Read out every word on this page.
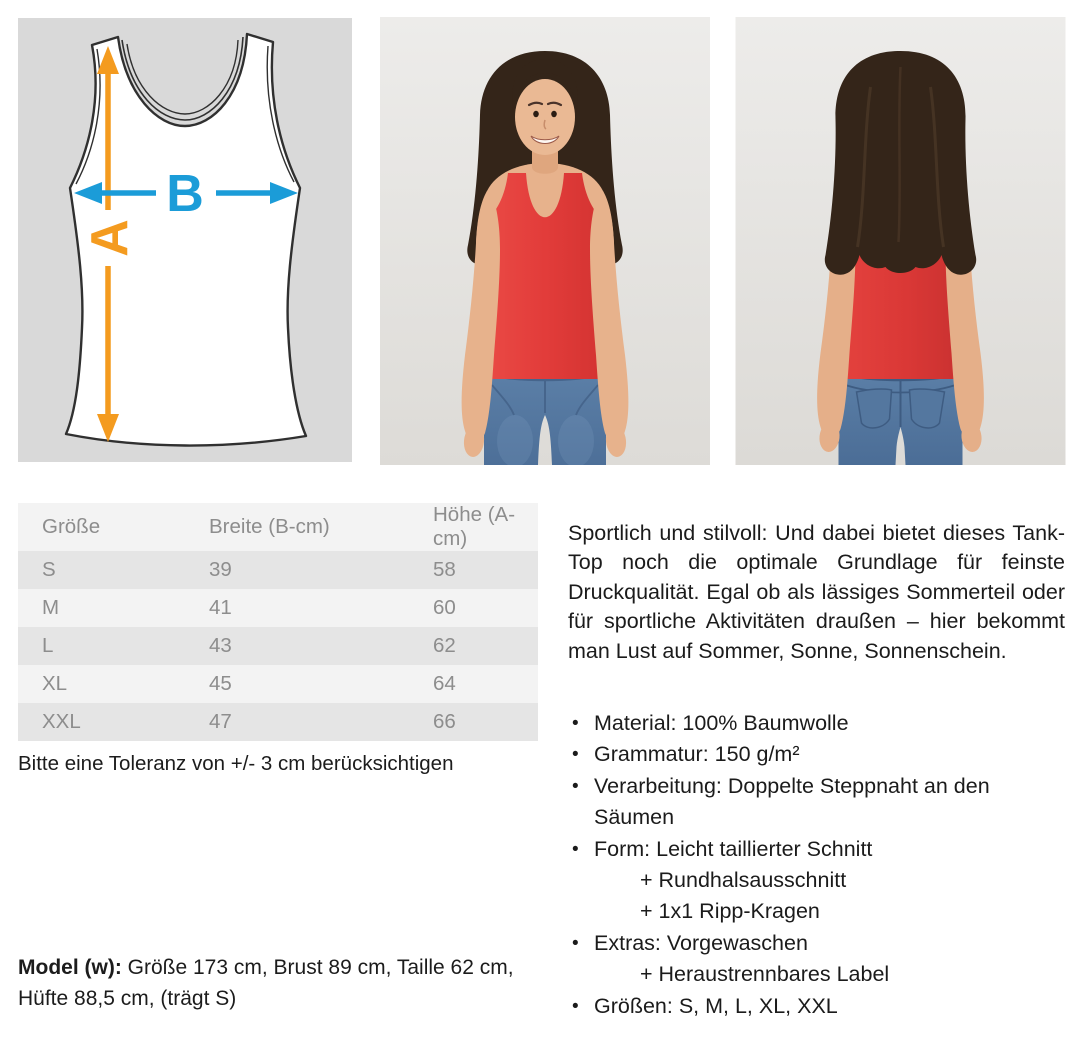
A
B
Größe	Breite (B-cm)	Höhe (A-cm)
S	39	58
M	41	60
L	43	62
XL	45	64
XXL	47	66
Bitte eine Toleranz von +/- 3 cm berücksichtigen
Model (w): Größe 173 cm, Brust 89 cm, Taille 62 cm, Hüfte 88,5 cm, (trägt S)

Sportlich und stilvoll: Und dabei bietet dieses Tank-Top noch die optimale Grundlage für feinste Druckqualität. Egal ob als lässiges Sommerteil oder für sportliche Aktivitäten draußen – hier bekommt man Lust auf Sommer, Sonne, Sonnenschein.

• Material: 100% Baumwolle
• Grammatur: 150 g/m²
• Verarbeitung: Doppelte Steppnaht an den Säumen
• Form: Leicht taillierter Schnitt
+ Rundhalsausschnitt
+ 1x1 Ripp-Kragen
• Extras: Vorgewaschen
+ Heraustrennbares Label
• Größen: S, M, L, XL, XXL
